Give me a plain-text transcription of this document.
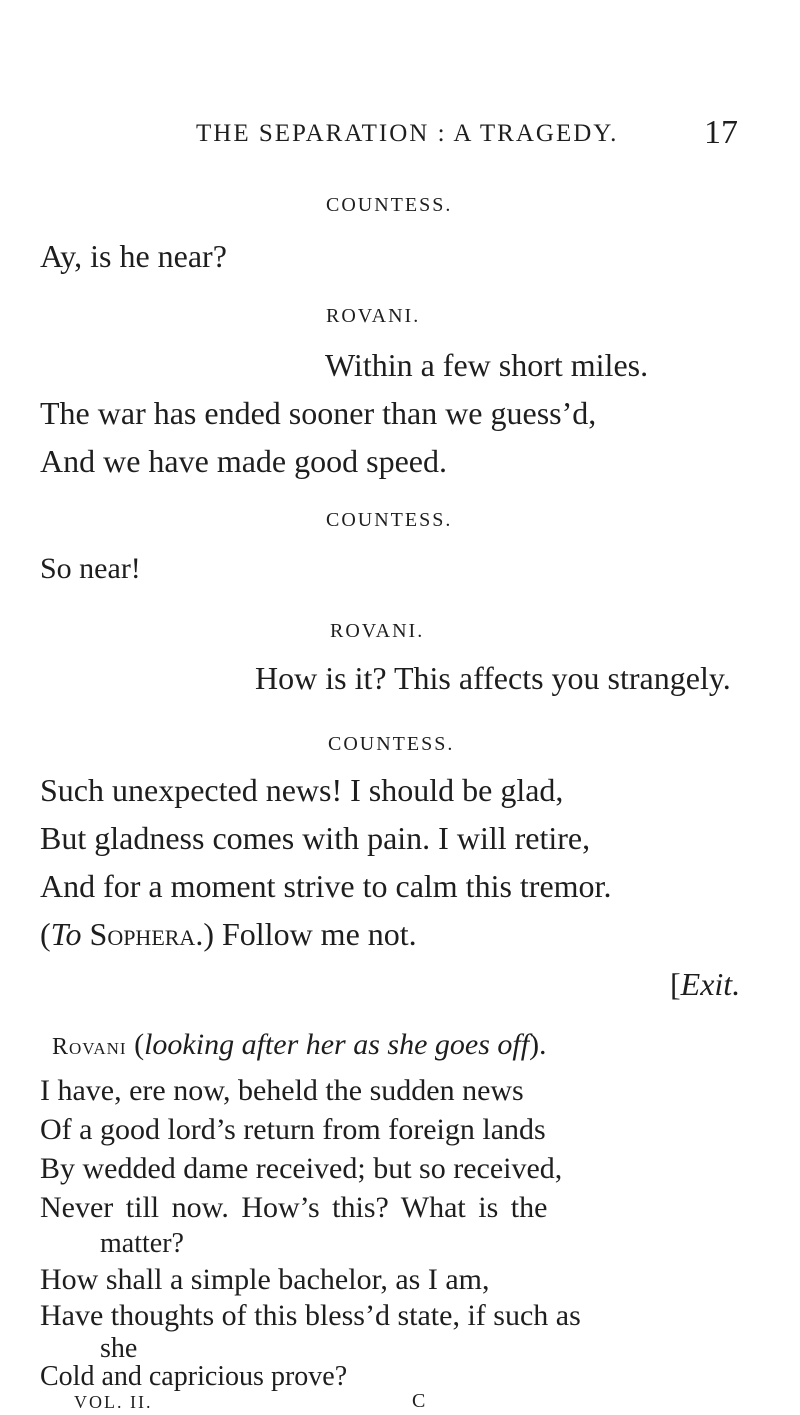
THE SEPARATION : A TRAGEDY.	17
COUNTESS.
Ay, is he near?
ROVANI.
Within a few short miles.
The war has ended sooner than we guess’d,
And we have made good speed.
COUNTESS.
So near!
ROVANI.
How is it? This affects you strangely.
COUNTESS.
Such unexpected news! I should be glad,
But gladness comes with pain. I will retire,
And for a moment strive to calm this tremor.
(To Sophera.) Follow me not.
[Exit.
Rovani (looking after her as she goes off).
I have, ere now, beheld the sudden news
Of a good lord’s return from foreign lands
By wedded dame received; but so received,
Never till now. How’s this? What is the
matter?
How shall a simple bachelor, as I am,
Have thoughts of this bless’d state, if such as
she
Cold and capricious prove?
VOL. II.	C
